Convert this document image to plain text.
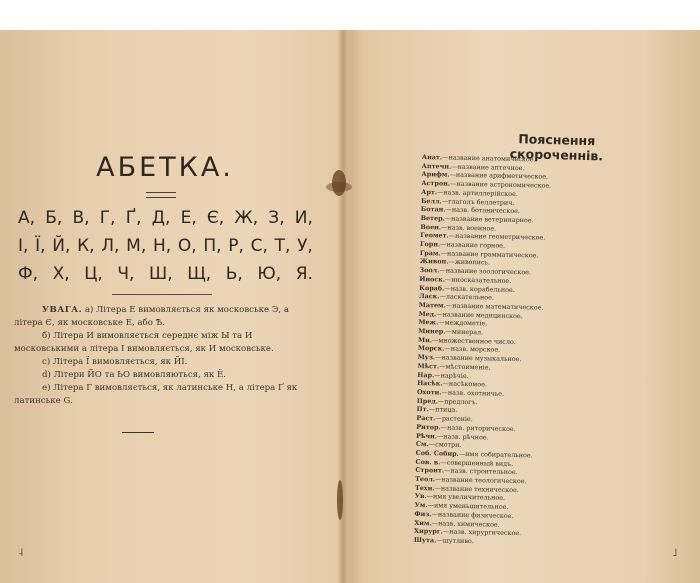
АБЕТКА.
А, Б, В, Г, Ґ, Д, Е, Є, Ж, З, И,
І, Ї, Й, К, Л, М, Н, О, П, Р, С, Т, У,
Ф, Х, Ц, Ч, Ш, Щ, Ь, Ю, Я.

УВАГА. а) Літера Е вимовляється як московське Э, а літера Є, як московське Е, або Ѣ.

б) Літера И вимовляється середнє між Ы та И московськими а літера І вимовляється, як И московське.

с) Літера Ї вимовляється, як ЙІ.

d) Літери ЙО та ЬО вимовляються, як Ё.

e) Літера Г вимовляється, як латинське H, а літера Ґ як латинське G.

˨
Пояснення скороченнів.
Анат.—название анатомическое.
Аптечн.—название аптечное.
Арифм.—название арифметическое.
Астрон.—название астрономическое.
Арт.—назв. артиллерійское.
Белл.—глаголъ беллетрич.
Ботан.—назв. ботаническое.
Ветер.—название ветеринарное.
Воен.—назв. военное.
Геомет.—название геометрическое.
Горн.—название горное.
Грам.—название грамматическое.
Живоп.—живопись.
Зоол.—название зоологическое.
Иноск.—иносказательное.
Кораб.—назв. корабельное.
Ласк.—ласкательное.
Матем.—название математическое.
Мед.—название медицинское.
Меж.—междометіе.
Минер.—минерал.
Мн.—множественное число.
Морск.—назв. морское.
Муз.—название музыкальное.
Мѣст.—мѣстоименіе.
Нар.—нарѣчіе.
Насѣк.—насѣкомое.
Охоти.—назв. охотничье.
Пред.—предлогъ.
Пт.—птица.
Раст.—растеніе.
Ритор.—назв. риторическое.
Рѣчн.—назв. рѣчное.
См.—смотри.
Соб. Собир.—имя собирательное.
Сов. в.—совершенный видъ.
Строит.—назв. строительное.
Теол.—название теологическое.
Техн.—название техническое.
Ув.—имя увеличительное.
Ум.—имя уменьшительное.
Физ.—название физическое.
Хим.—назв. химическое.
Хирург.—назв. хирургическое.
Шута.—шутливо.
˩
